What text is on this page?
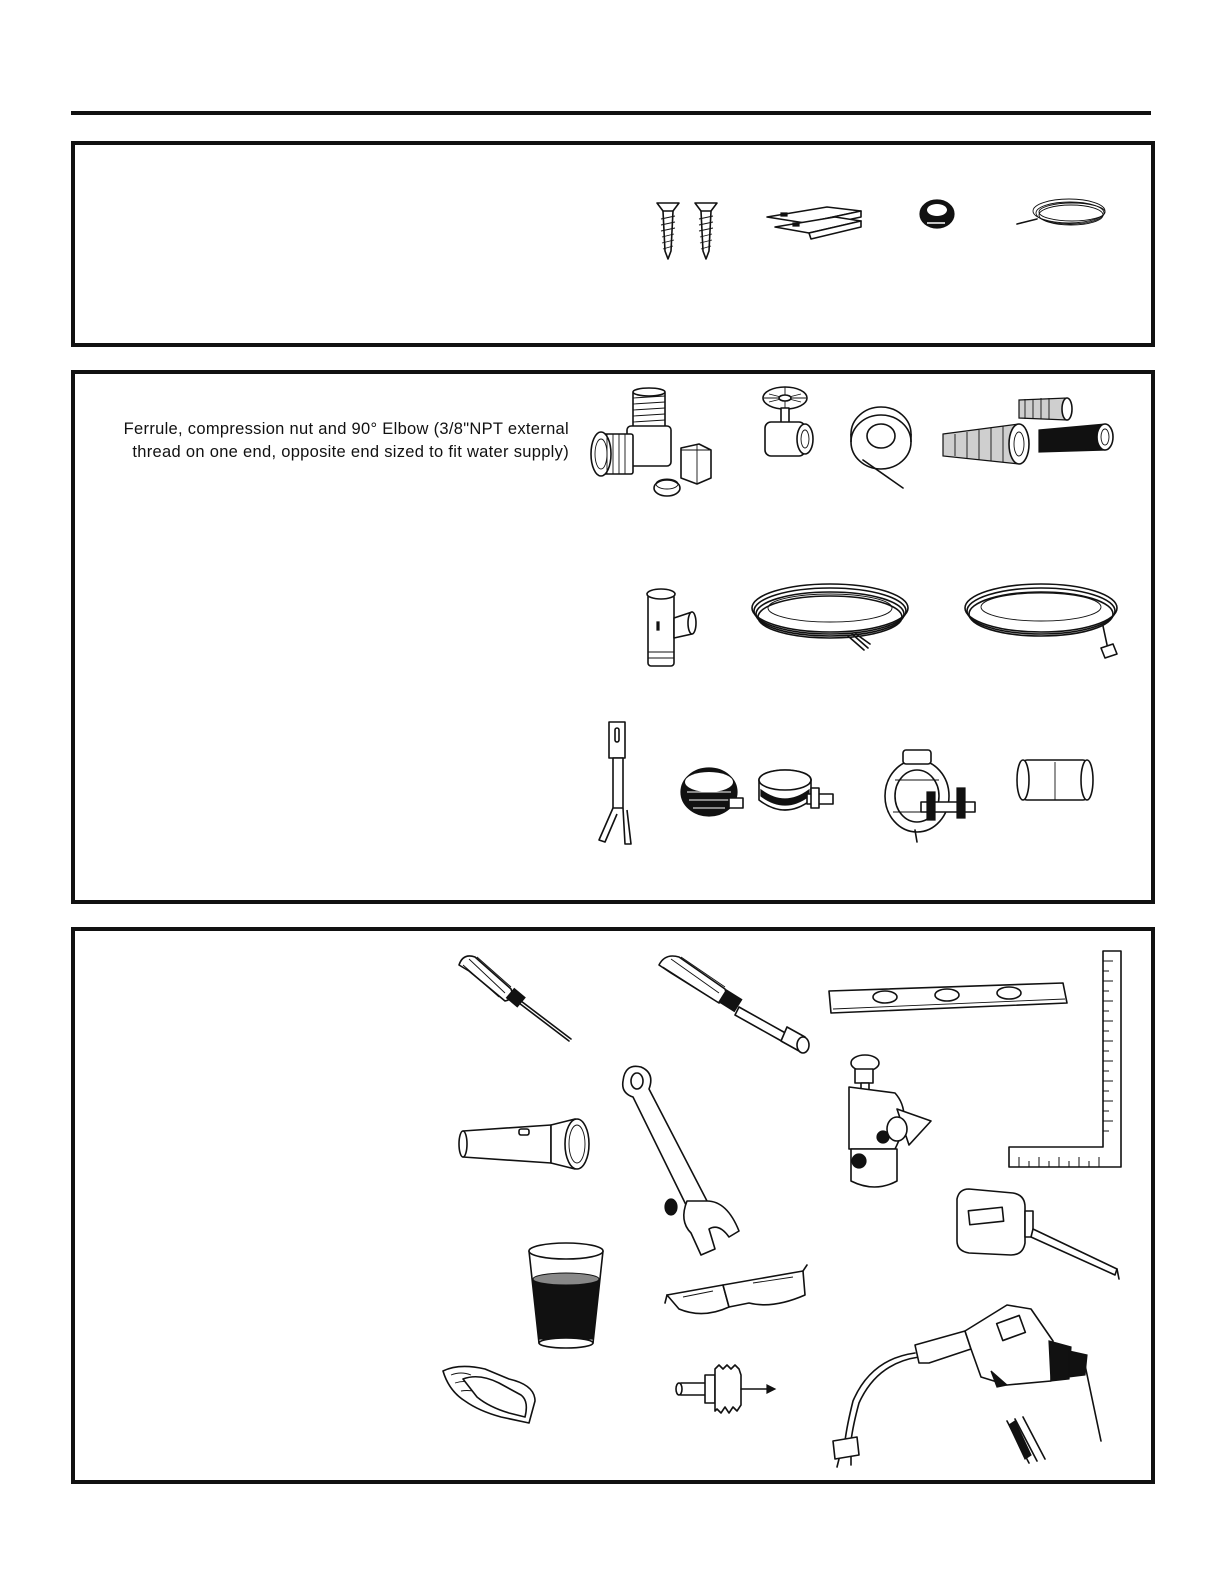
Ferrule, compression nut and 90° Elbow (3/8"NPT external thread on one end, opposite end sized to fit water supply)
